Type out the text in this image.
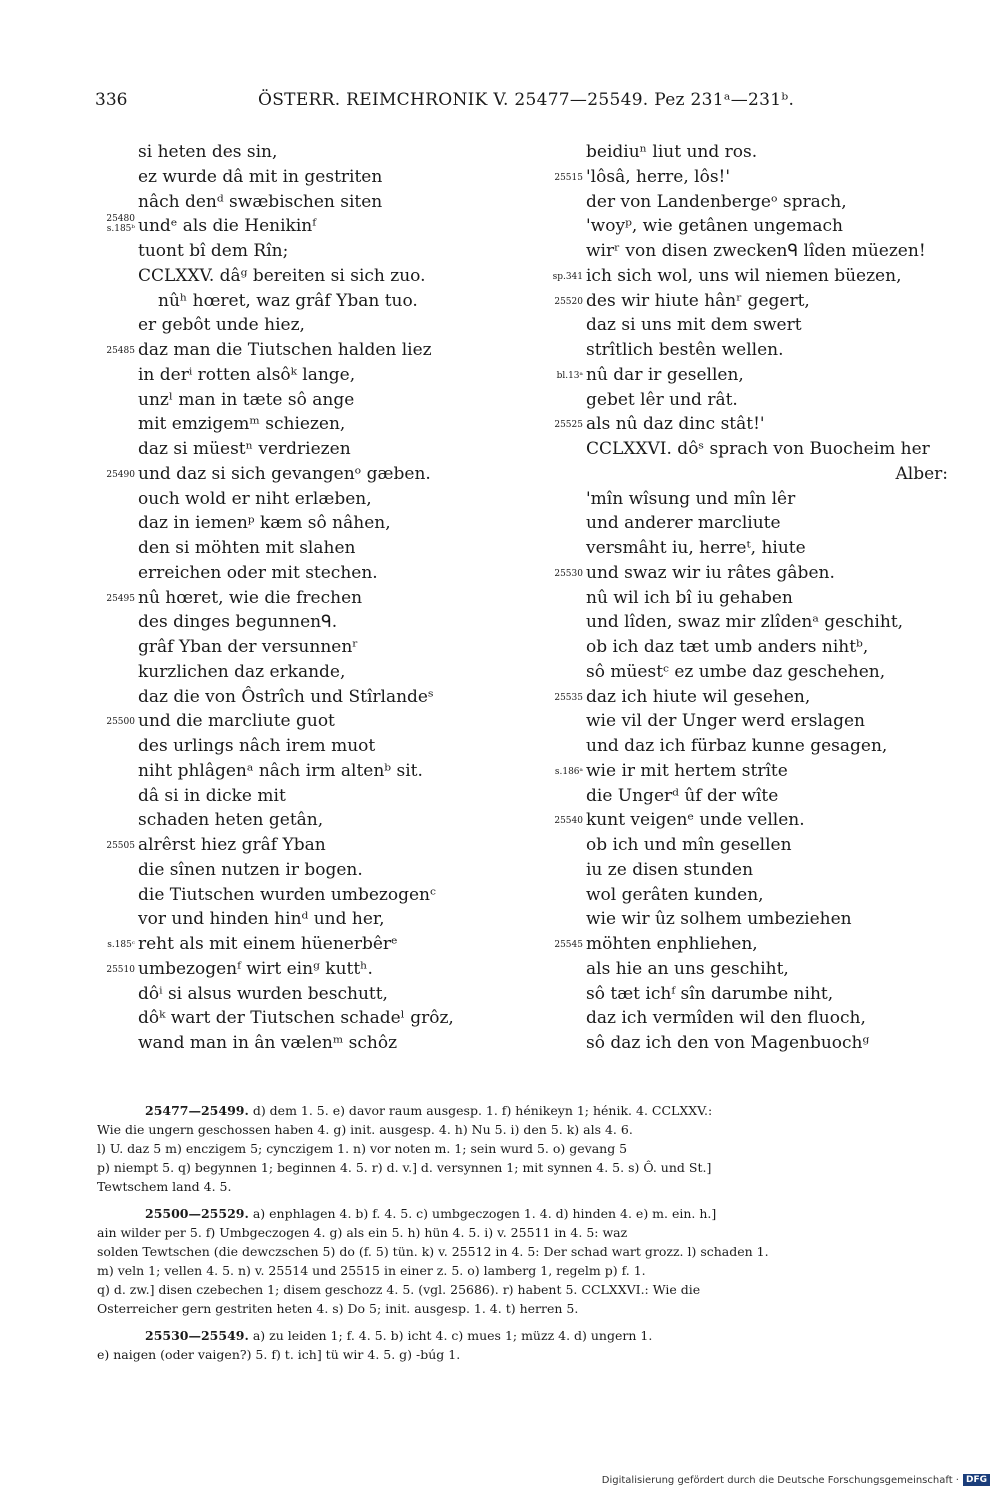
336	ÖSTERR. REIMCHRONIK V. 25477—25549. Pez 231ᵃ—231ᵇ.
si heten des sin,
ez wurde dâ mit in gestriten
nâch denᵈ swæbischen siten
25480
s.185ᵇ undᵉ als die Henikinᶠ
tuont bî dem Rîn;
CCLXXV. dâᵍ bereiten si sich zuo.
nûʰ hœret, waz grâf Yban tuo.
er gebôt unde hiez,
25485 daz man die Tiutschen halden liez
in derⁱ rotten alsôᵏ lange,
unzˡ man in tæte sô ange
mit emzigemᵐ schiezen,
daz si müestⁿ verdriezen
25490 und daz si sich gevangenᵒ gæben.
ouch wold er niht erlæben,
daz in iemenᵖ kæm sô nâhen,
den si möhten mit slahen
erreichen oder mit stechen.
25495 nû hœret, wie die frechen
des dinges begunnenᑫ.
grâf Yban der versunnenʳ
kurzlichen daz erkande,
daz die von Ôstrîch und Stîrlandeˢ
25500 und die marcliute guot
des urlings nâch irem muot
niht phlâgenᵃ nâch irm altenᵇ sit.
dâ si in dicke mit
schaden heten getân,
25505 alrêrst hiez grâf Yban
die sînen nutzen ir bogen.
die Tiutschen wurden umbezogenᶜ
vor und hinden hinᵈ und her,
s.185ᶜ reht als mit einem hüenerbêrᵉ
25510 umbezogenᶠ wirt einᵍ kuttʰ.
dôⁱ si alsus wurden beschutt,
dôᵏ wart der Tiutschen schadeˡ grôz,
wand man in ân vælenᵐ schôz
beidiuⁿ liut und ros.
25515 'lôsâ, herre, lôs!'
der von Landenbergeᵒ sprach,
'woyᵖ, wie getânen ungemach
wirʳ von disen zweckenᑫ lîden müezen!
sp.341 ich sich wol, uns wil niemen büezen,
25520 des wir hiute hânʳ gegert,
daz si uns mit dem swert
strîtlich bestên wellen.
bl.13ᵃ nû dar ir gesellen,
gebet lêr und rât.
25525 als nû daz dinc stât!'
CCLXXVI. dôˢ sprach von Buocheim her
Alber:
'mîn wîsung und mîn lêr
und anderer marcliute
versmâht iu, herreᵗ, hiute
25530 und swaz wir iu râtes gâben.
nû wil ich bî iu gehaben
und lîden, swaz mir zlîdenᵃ geschiht,
ob ich daz tæt umb anders nihtᵇ,
sô müestᶜ ez umbe daz geschehen,
25535 daz ich hiute wil gesehen,
wie vil der Unger werd erslagen
und daz ich fürbaz kunne gesagen,
s.186ᵃ wie ir mit hertem strîte
die Ungerᵈ ûf der wîte
25540 kunt veigenᵉ unde vellen.
ob ich und mîn gesellen
iu ze disen stunden
wol gerâten kunden,
wie wir ûz solhem umbeziehen
25545 möhten enphliehen,
als hie an uns geschiht,
sô tæt ichᶠ sîn darumbe niht,
daz ich vermîden wil den fluoch,
sô daz ich den von Magenbuochᵍ
25477—25499. d) dem 1. 5. e) davor raum ausgesp. 1. f) hénikeyn 1; hénik. 4. CCLXXV.:
Wie die ungern geschossen haben 4. g) init. ausgesp. 4. h) Nu 5. i) den 5. k) als 4. 6.
l) U. daz 5 m) enczigem 5; cynczigem 1. n) vor noten m. 1; sein wurd 5. o) gevang 5
p) niempt 5. q) begynnen 1; beginnen 4. 5. r) d. v.] d. versynnen 1; mit synnen 4. 5. s) Ô. und St.]
Tewtschem land 4. 5.
25500—25529. a) enphlagen 4. b) f. 4. 5. c) umbgeczogen 1. 4. d) hinden 4. e) m. ein. h.]
ain wilder per 5. f) Umbgeczogen 4. g) als ein 5. h) hün 4. 5. i) v. 25511 in 4. 5: waz
solden Tewtschen (die dewczschen 5) do (f. 5) tün. k) v. 25512 in 4. 5: Der schad wart grozz. l) schaden 1.
m) veln 1; vellen 4. 5. n) v. 25514 und 25515 in einer z. 5. o) lamberg 1, regelm p) f. 1.
q) d. zw.] disen czebechen 1; disem geschozz 4. 5. (vgl. 25686). r) habent 5. CCLXXVI.: Wie die
Osterreicher gern gestriten heten 4. s) Do 5; init. ausgesp. 1. 4. t) herren 5.
25530—25549. a) zu leiden 1; f. 4. 5. b) icht 4. c) mues 1; müzz 4. d) ungern 1.
e) naigen (oder vaigen?) 5. f) t. ich] tü wir 4. 5. g) -búg 1.
Digitalisierung gefördert durch die Deutsche Forschungsgemeinschaft · DFG
